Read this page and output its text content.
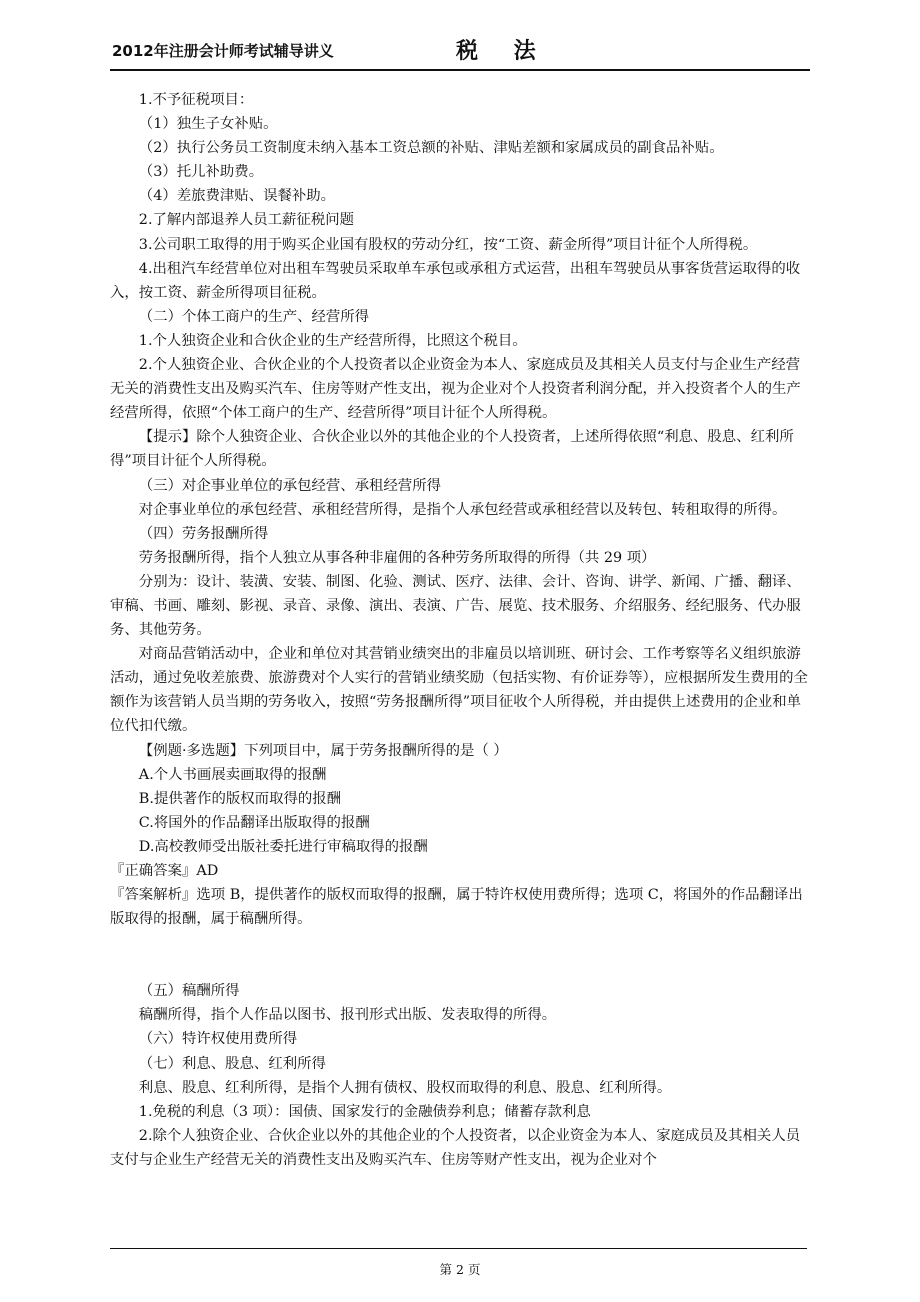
2012年注册会计师考试辅导讲义	税 法

1.不予征税项目：

（1）独生子女补贴。

（2）执行公务员工资制度未纳入基本工资总额的补贴、津贴差额和家属成员的副食品补贴。

（3）托儿补助费。

（4）差旅费津贴、误餐补助。

2.了解内部退养人员工薪征税问题

3.公司职工取得的用于购买企业国有股权的劳动分红，按“工资、薪金所得”项目计征个人所得税。

4.出租汽车经营单位对出租车驾驶员采取单车承包或承租方式运营，出租车驾驶员从事客货营运取得的收入，按工资、薪金所得项目征税。

（二）个体工商户的生产、经营所得

1.个人独资企业和合伙企业的生产经营所得，比照这个税目。

2.个人独资企业、合伙企业的个人投资者以企业资金为本人、家庭成员及其相关人员支付与企业生产经营无关的消费性支出及购买汽车、住房等财产性支出，视为企业对个人投资者利润分配，并入投资者个人的生产经营所得，依照“个体工商户的生产、经营所得”项目计征个人所得税。

【提示】除个人独资企业、合伙企业以外的其他企业的个人投资者，上述所得依照“利息、股息、红利所得”项目计征个人所得税。

（三）对企事业单位的承包经营、承租经营所得

对企事业单位的承包经营、承租经营所得，是指个人承包经营或承租经营以及转包、转租取得的所得。

（四）劳务报酬所得

劳务报酬所得，指个人独立从事各种非雇佣的各种劳务所取得的所得（共 29 项）

分别为：设计、装潢、安装、制图、化验、测试、医疗、法律、会计、咨询、讲学、新闻、广播、翻译、审稿、书画、雕刻、影视、录音、录像、演出、表演、广告、展览、技术服务、介绍服务、经纪服务、代办服务、其他劳务。

对商品营销活动中，企业和单位对其营销业绩突出的非雇员以培训班、研讨会、工作考察等名义组织旅游活动，通过免收差旅费、旅游费对个人实行的营销业绩奖励（包括实物、有价证券等），应根据所发生费用的全额作为该营销人员当期的劳务收入，按照“劳务报酬所得”项目征收个人所得税，并由提供上述费用的企业和单位代扣代缴。

【例题·多选题】下列项目中，属于劳务报酬所得的是（ ）

A.个人书画展卖画取得的报酬

B.提供著作的版权而取得的报酬

C.将国外的作品翻译出版取得的报酬

D.高校教师受出版社委托进行审稿取得的报酬

『正确答案』AD

『答案解析』选项 B，提供著作的版权而取得的报酬，属于特许权使用费所得；选项 C，将国外的作品翻译出版取得的报酬，属于稿酬所得。

（五）稿酬所得

稿酬所得，指个人作品以图书、报刊形式出版、发表取得的所得。

（六）特许权使用费所得

（七）利息、股息、红利所得

利息、股息、红利所得，是指个人拥有债权、股权而取得的利息、股息、红利所得。

1.免税的利息（3 项）：国债、国家发行的金融债券利息；储蓄存款利息

2.除个人独资企业、合伙企业以外的其他企业的个人投资者，以企业资金为本人、家庭成员及其相关人员支付与企业生产经营无关的消费性支出及购买汽车、住房等财产性支出，视为企业对个

第 2 页
